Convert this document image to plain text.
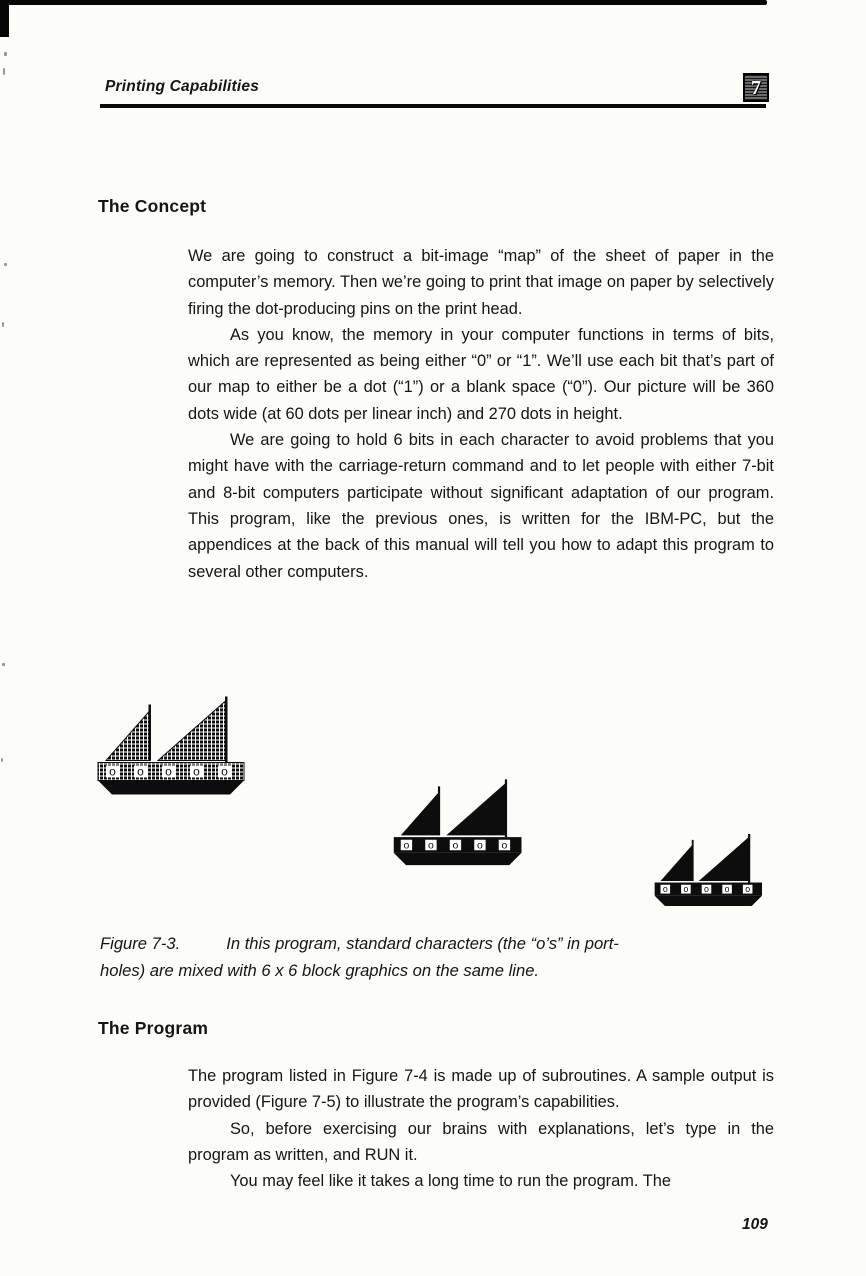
Printing Capabilities	7
The Concept

We are going to construct a bit-image “map” of the sheet of paper in the computer’s memory. Then we’re going to print that image on paper by selectively firing the dot-producing pins on the print head.

As you know, the memory in your computer functions in terms of bits, which are represented as being either “0” or “1”. We’ll use each bit that’s part of our map to either be a dot (“1”) or a blank space (“0”). Our picture will be 360 dots wide (at 60 dots per linear inch) and 270 dots in height.

We are going to hold 6 bits in each character to avoid problems that you might have with the carriage-return command and to let people with either 7-bit and 8-bit computers participate without significant adaptation of our program. This program, like the previous ones, is written for the IBM-PC, but the appendices at the back of this manual will tell you how to adapt this program to several other computers.

o o o o o
o o o o o
o o o o o
Figure 7-3.	In this program, standard characters (the “o’s” in port-
holes) are mixed with 6 x 6 block graphics on the same line.
The Program

The program listed in Figure 7-4 is made up of subroutines. A sample output is provided (Figure 7-5) to illustrate the program’s capabilities.

So, before exercising our brains with explanations, let’s type in the program as written, and RUN it.

You may feel like it takes a long time to run the program. The

109
